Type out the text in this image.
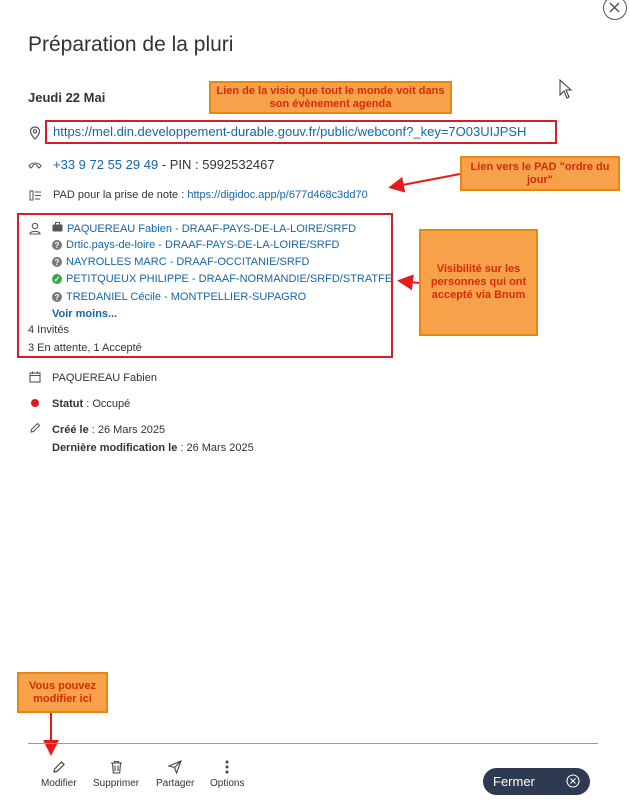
Préparation de la pluri
Jeudi 22 Mai
https://mel.din.developpement-durable.gouv.fr/public/webconf?_key=7O03UIJPSH
+33 9 72 55 29 49 - PIN : 5992532467
PAD pour la prise de note : https://digidoc.app/p/677d468c3dd70
PAQUEREAU Fabien - DRAAF-PAYS-DE-LA-LOIRE/SRFD
? Drtic.pays-de-loire - DRAAF-PAYS-DE-LA-LOIRE/SRFD
? NAYROLLES MARC - DRAAF-OCCITANIE/SRFD
✓ PETITQUEUX PHILIPPE - DRAAF-NORMANDIE/SRFD/STRATFE
? TREDANIEL Cécile - MONTPELLIER-SUPAGRO
Voir moins...
4 Invités
3 En attente, 1 Accepté
PAQUEREAU Fabien
Statut : Occupé
Créé le : 26 Mars 2025
Dernière modification le : 26 Mars 2025
Lien de la visio que tout le monde voit dans son évènement agenda
Lien vers le PAD "ordre du jour"
Visibilité sur les personnes qui ont accepté via Bnum
Vous pouvez modifier ici
Modifier Supprimer Partager Options	Fermer
